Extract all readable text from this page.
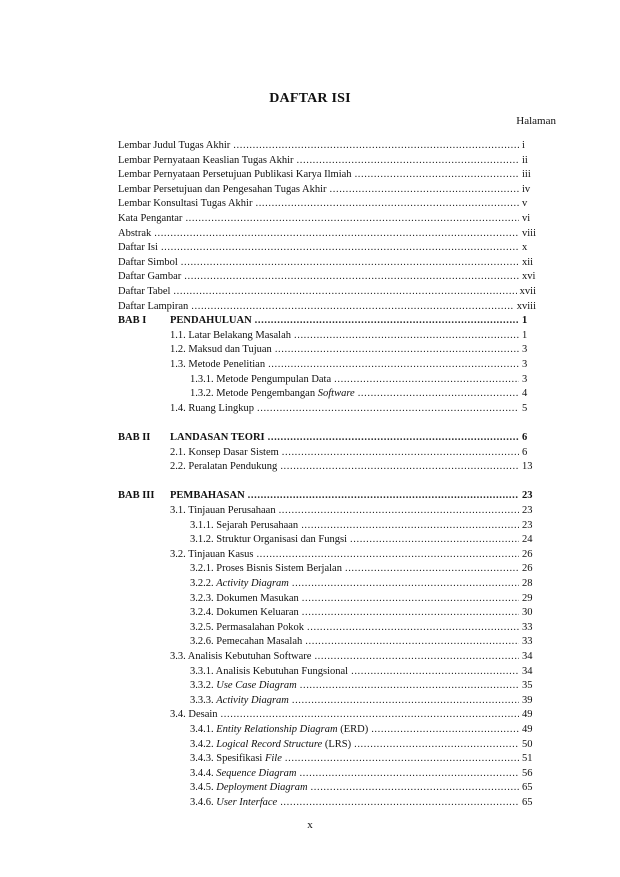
DAFTAR ISI
Halaman
Lembar Judul Tugas Akhir .....	i
Lembar Pernyataan Keaslian Tugas Akhir .....	ii
Lembar Pernyataan Persetujuan Publikasi Karya Ilmiah .....	iii
Lembar Persetujuan dan Pengesahan Tugas Akhir .....	iv
Lembar Konsultasi Tugas Akhir .....	v
Kata Pengantar .....	vi
Abstrak .....	viii
Daftar Isi .....	x
Daftar Simbol .....	xii
Daftar Gambar .....	xvi
Daftar Tabel .....	xvii
Daftar Lampiran .....	xviii
BAB I PENDAHULUAN .....	1
1.1. Latar Belakang Masalah .....	1
1.2. Maksud dan Tujuan .....	3
1.3. Metode Penelitian .....	3
1.3.1. Metode Pengumpulan Data .....	3
1.3.2. Metode Pengembangan Software .....	4
1.4. Ruang Lingkup .....	5
BAB II LANDASAN TEORI .....	6
2.1. Konsep Dasar Sistem .....	6
2.2. Peralatan Pendukung .....	13
BAB III PEMBAHASAN .....	23
3.1. Tinjauan Perusahaan .....	23
3.1.1. Sejarah Perusahaan .....	23
3.1.2. Struktur Organisasi dan Fungsi .....	24
3.2. Tinjauan Kasus .....	26
3.2.1. Proses Bisnis Sistem Berjalan .....	26
3.2.2. Activity Diagram .....	28
3.2.3. Dokumen Masukan .....	29
3.2.4. Dokumen Keluaran .....	30
3.2.5. Permasalahan Pokok .....	33
3.2.6. Pemecahan Masalah .....	33
3.3. Analisis Kebutuhan Software .....	34
3.3.1. Analisis Kebutuhan Fungsional .....	34
3.3.2. Use Case Diagram .....	35
3.3.3. Activity Diagram .....	39
3.4. Desain .....	49
3.4.1. Entity Relationship Diagram (ERD) .....	49
3.4.2. Logical Record Structure (LRS) .....	50
3.4.3. Spesifikasi File .....	51
3.4.4. Sequence Diagram .....	56
3.4.5. Deployment Diagram .....	65
3.4.6. User Interface .....	65
x
